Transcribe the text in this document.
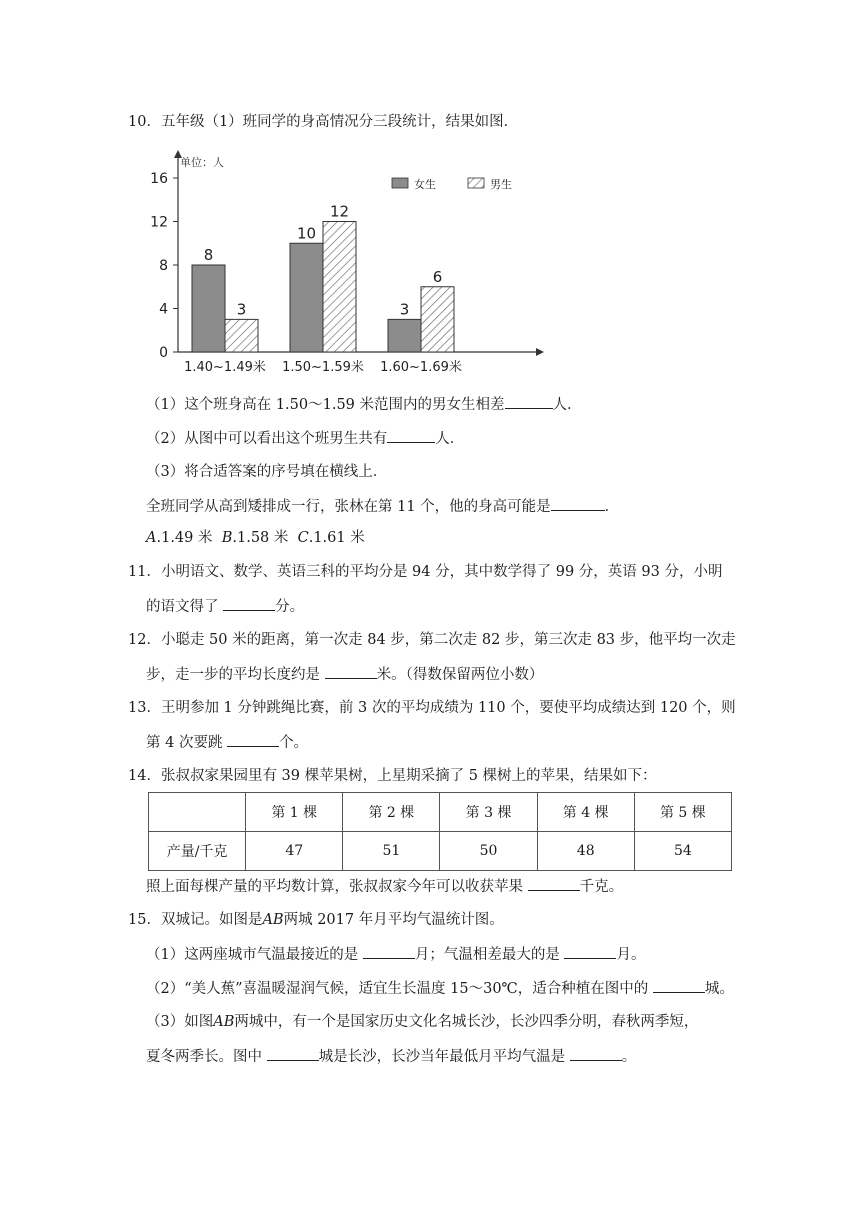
10．五年级（1）班同学的身高情况分三段统计，结果如图．
0
4
8
12
16
8
3
1.40~1.49米
10
12
1.50~1.59米
3
6
1.60~1.69米
单位：人
女生	男生
（1）这个班身高在 1.50～1.59 米范围内的男女生相差	人．
（2）从图中可以看出这个班男生共有	人．
（3）将合适答案的序号填在横线上．
全班同学从高到矮排成一行，张林在第 11 个，他的身高可能是	．
A.1.49 米 B.1.58 米 C.1.61 米
11．小明语文、数学、英语三科的平均分是 94 分，其中数学得了 99 分，英语 93 分，小明
的语文得了	分。
12．小聪走 50 米的距离，第一次走 84 步，第二次走 82 步，第三次走 83 步，他平均一次走
步，走一步的平均长度约是	米。（得数保留两位小数）
13．王明参加 1 分钟跳绳比赛，前 3 次的平均成绩为 110 个，要使平均成绩达到 120 个，则
第 4 次要跳	个。
14．张叔叔家果园里有 39 棵苹果树，上星期采摘了 5 棵树上的苹果，结果如下：
	第 1 棵	第 2 棵	第 3 棵	第 4 棵	第 5 棵
产量/千克	47	51	50	48	54
照上面每棵产量的平均数计算，张叔叔家今年可以收获苹果	千克。
15．双城记。如图是AB两城 2017 年月平均气温统计图。
（1）这两座城市气温最接近的是	月；气温相差最大的是	月。
（2）“美人蕉”喜温暖湿润气候，适宜生长温度 15～30℃，适合种植在图中的	城。
（3）如图AB两城中，有一个是国家历史文化名城长沙，长沙四季分明，春秋两季短，
夏冬两季长。图中	城是长沙，长沙当年最低月平均气温是	。
